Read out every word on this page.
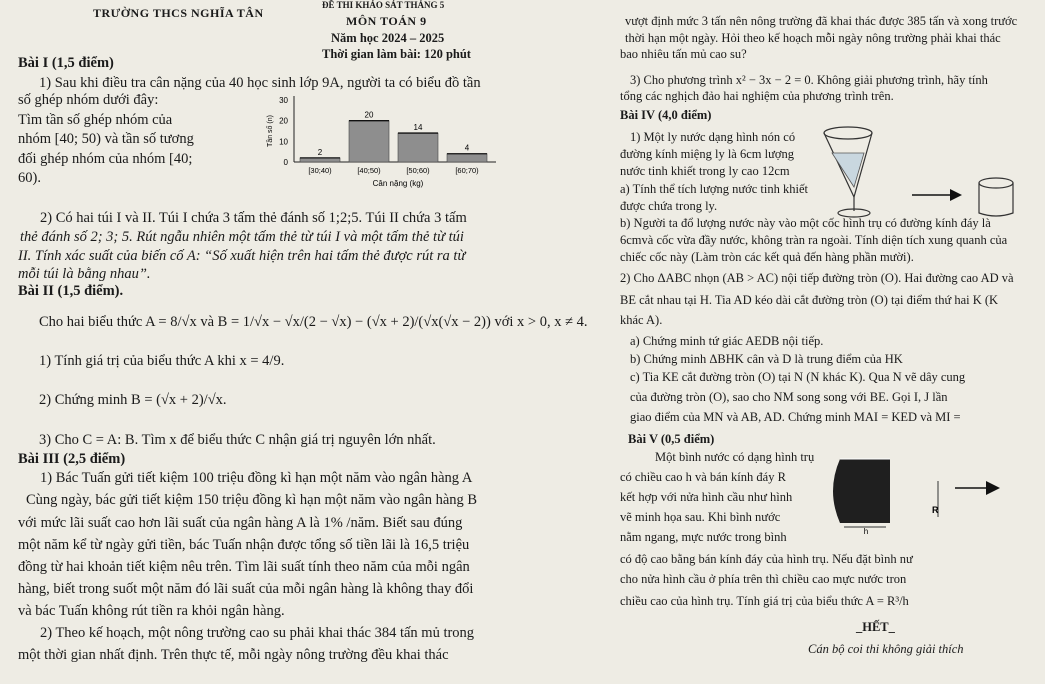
TRƯỜNG THCS NGHĨA TÂN
ĐỀ THI KHẢO SÁT THÁNG 5
MÔN TOÁN 9
Năm học 2024 – 2025
Thời gian làm bài: 120 phút
Bài I (1,5 điểm)
1) Sau khi điều tra cân nặng của 40 học sinh lớp 9A, người ta có biểu đồ tần
số ghép nhóm dưới đây:
Tìm tần số ghép nhóm của
nhóm [40; 50) và tần số tương
đối ghép nhóm của nhóm [40;
60).
0
10
20
30
2
[30;40)
20
[40;50)
14
[50;60)
4
[60;70)
Cân nặng (kg)
Tần số (n)
2) Có hai túi I và II. Túi I chứa 3 tấm thẻ đánh số 1;2;5. Túi II chứa 3 tấm
thẻ đánh số 2; 3; 5. Rút ngẫu nhiên một tấm thẻ từ túi I và một tấm thẻ từ túi
II. Tính xác suất của biến cố A: “Số xuất hiện trên hai tấm thẻ được rút ra từ
mỗi túi là bằng nhau”.
Bài II (1,5 điểm).
Cho hai biểu thức A = 8/√x và B = 1/√x − √x/(2 − √x) − (√x + 2)/(√x(√x − 2)) với x > 0, x ≠ 4.
1) Tính giá trị của biểu thức A khi x = 4/9.
2) Chứng minh B = (√x + 2)/√x.
3) Cho C = A: B. Tìm x để biểu thức C nhận giá trị nguyên lớn nhất.
Bài III (2,5 điểm)
1) Bác Tuấn gửi tiết kiệm 100 triệu đồng kì hạn một năm vào ngân hàng A
Cùng ngày, bác gửi tiết kiệm 150 triệu đồng kì hạn một năm vào ngân hàng B
với mức lãi suất cao hơn lãi suất của ngân hàng A là 1% /năm. Biết sau đúng
một năm kể từ ngày gửi tiền, bác Tuấn nhận được tổng số tiền lãi là 16,5 triệu
đồng từ hai khoản tiết kiệm nêu trên. Tìm lãi suất tính theo năm của mỗi ngân
hàng, biết trong suốt một năm đó lãi suất của mỗi ngân hàng là không thay đổi
và bác Tuấn không rút tiền ra khỏi ngân hàng.
2) Theo kế hoạch, một nông trường cao su phải khai thác 384 tấn mủ trong
một thời gian nhất định. Trên thực tế, mỗi ngày nông trường đều khai thác
vượt định mức 3 tấn nên nông trường đã khai thác được 385 tấn và xong trước
thời hạn một ngày. Hỏi theo kế hoạch mỗi ngày nông trường phải khai thác
bao nhiêu tấn mủ cao su?
3) Cho phương trình x² − 3x − 2 = 0. Không giải phương trình, hãy tính
tổng các nghịch đảo hai nghiệm của phương trình trên.
Bài IV (4,0 điểm)
1) Một ly nước dạng hình nón có
đường kính miệng ly là 6cm lượng
nước tinh khiết trong ly cao 12cm
a) Tính thể tích lượng nước tinh khiết
được chứa trong ly.
b) Người ta đổ lượng nước này vào một cốc hình trụ có đường kính đáy là
6cmvà cốc vừa đầy nước, không tràn ra ngoài. Tính diện tích xung quanh của
chiếc cốc này (Làm tròn các kết quả đến hàng phần mười).
2) Cho ΔABC nhọn (AB > AC) nội tiếp đường tròn (O). Hai đường cao AD và
BE cắt nhau tại H. Tia AD kéo dài cắt đường tròn (O) tại điểm thứ hai K (K
khác A).
a) Chứng minh tứ giác AEDB nội tiếp.
b) Chứng minh ΔBHK cân và D là trung điểm của HK
c) Tia KE cắt đường tròn (O) tại N (N khác K). Qua N vẽ dây cung
của đường tròn (O), sao cho NM song song với BE. Gọi I, J lần
giao điểm của MN và AB, AD. Chứng minh MAI = KED và MI =
Bài V (0,5 điểm)
Một bình nước có dạng hình trụ
có chiều cao h và bán kính đáy R
kết hợp với nửa hình cầu như hình
vẽ minh họa sau. Khi bình nước
nằm ngang, mực nước trong bình	h
R
có độ cao bằng bán kính đáy của hình trụ. Nếu đặt bình nư
cho nửa hình cầu ở phía trên thì chiều cao mực nước tron
chiều cao của hình trụ. Tính giá trị của biểu thức A = R³/h
_HẾT_
Cán bộ coi thi không giải thích
